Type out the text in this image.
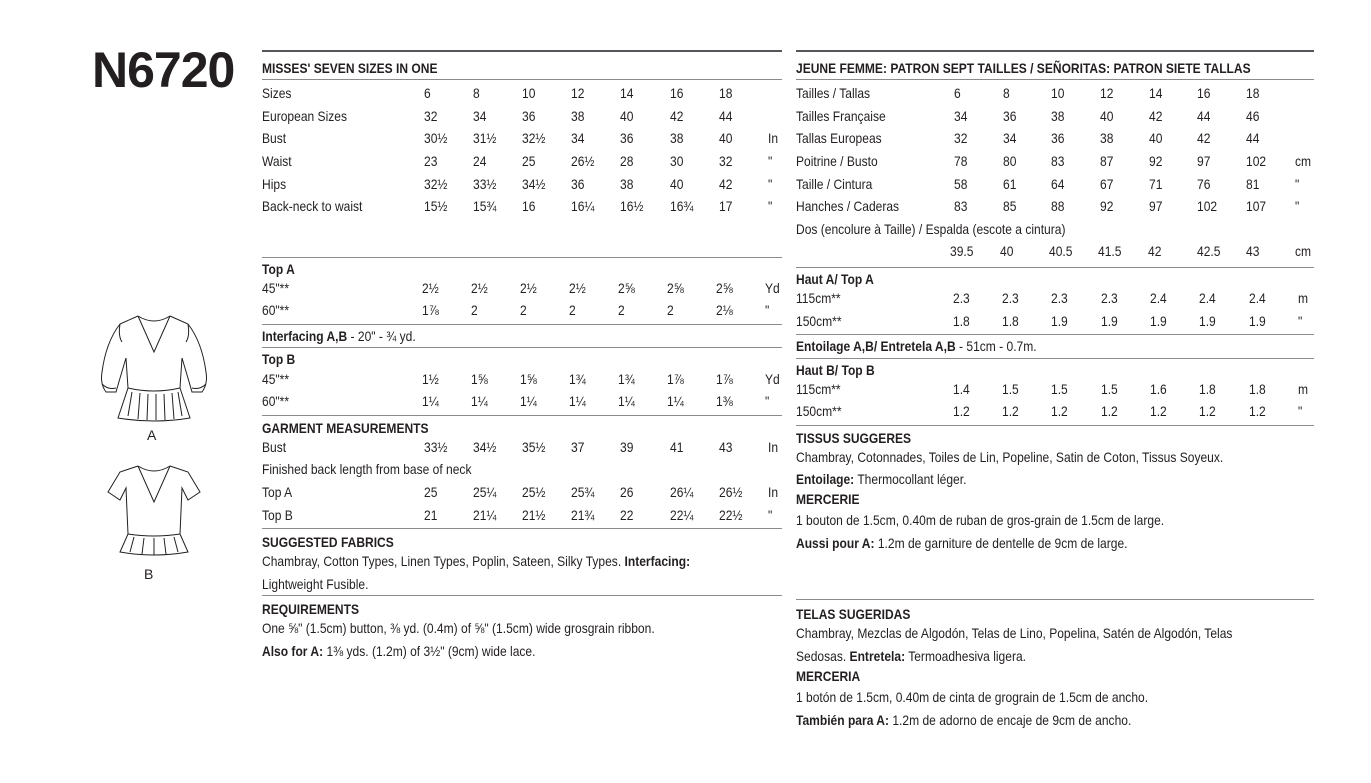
N6720
A
B
MISSES' SEVEN SIZES IN ONE
Sizes	6	8	10	12	14	16	18	
European Sizes	32	34	36	38	40	42	44	
Bust	30½	31½	32½	34	36	38	40	In
Waist	23	24	25	26½	28	30	32	"
Hips	32½	33½	34½	36	38	40	42	"
Back-neck to waist	15½	15¾	16	16¼	16½	16¾	17	"
Top A
45"**	2½	2½	2½	2½	2⅝	2⅝	2⅝	Yd
60"**	1⅞	2	2	2	2	2	2⅛	"
Interfacing A,B - 20" - ¾ yd.
Top B
45"**	1½	1⅝	1⅝	1¾	1¾	1⅞	1⅞	Yd
60"**	1¼	1¼	1¼	1¼	1¼	1¼	1⅜	"
GARMENT MEASUREMENTS
Bust	33½	34½	35½	37	39	41	43	In
Finished back length from base of neck
Top A	25	25¼	25½	25¾	26	26¼	26½	In
Top B	21	21¼	21½	21¾	22	22¼	22½	"
SUGGESTED FABRICS
Chambray, Cotton Types, Linen Types, Poplin, Sateen, Silky Types. Interfacing:
Lightweight Fusible.
REQUIREMENTS
One ⅝" (1.5cm) button, ⅜ yd. (0.4m) of ⅝" (1.5cm) wide grosgrain ribbon.
Also for A: 1⅜ yds. (1.2m) of 3½" (9cm) wide lace.
JEUNE FEMME: PATRON SEPT TAILLES / SEÑORITAS: PATRON SIETE TALLAS
Tailles / Tallas	6	8	10	12	14	16	18	
Tailles Française	34	36	38	40	42	44	46	
Tallas Europeas	32	34	36	38	40	42	44	
Poitrine / Busto	78	80	83	87	92	97	102	cm
Taille / Cintura	58	61	64	67	71	76	81	"
Hanches / Caderas	83	85	88	92	97	102	107	"
Dos (encolure à Taille) / Espalda (escote a cintura)
	39.5	40	40.5	41.5	42	42.5	43	cm
Haut A/ Top A
115cm**	2.3	2.3	2.3	2.3	2.4	2.4	2.4	m
150cm**	1.8	1.8	1.9	1.9	1.9	1.9	1.9	"
Entoilage A,B/ Entretela A,B - 51cm - 0.7m.
Haut B/ Top B
115cm**	1.4	1.5	1.5	1.5	1.6	1.8	1.8	m
150cm**	1.2	1.2	1.2	1.2	1.2	1.2	1.2	"
TISSUS SUGGERES
Chambray, Cotonnades, Toiles de Lin, Popeline, Satin de Coton, Tissus Soyeux.
Entoilage: Thermocollant léger.
MERCERIE
1 bouton de 1.5cm, 0.40m de ruban de gros-grain de 1.5cm de large.
Aussi pour A: 1.2m de garniture de dentelle de 9cm de large.
TELAS SUGERIDAS
Chambray, Mezclas de Algodón, Telas de Lino, Popelina, Satén de Algodón, Telas
Sedosas. Entretela: Termoadhesiva ligera.
MERCERIA
1 botón de 1.5cm, 0.40m de cinta de grograin de 1.5cm de ancho.
También para A: 1.2m de adorno de encaje de 9cm de ancho.
